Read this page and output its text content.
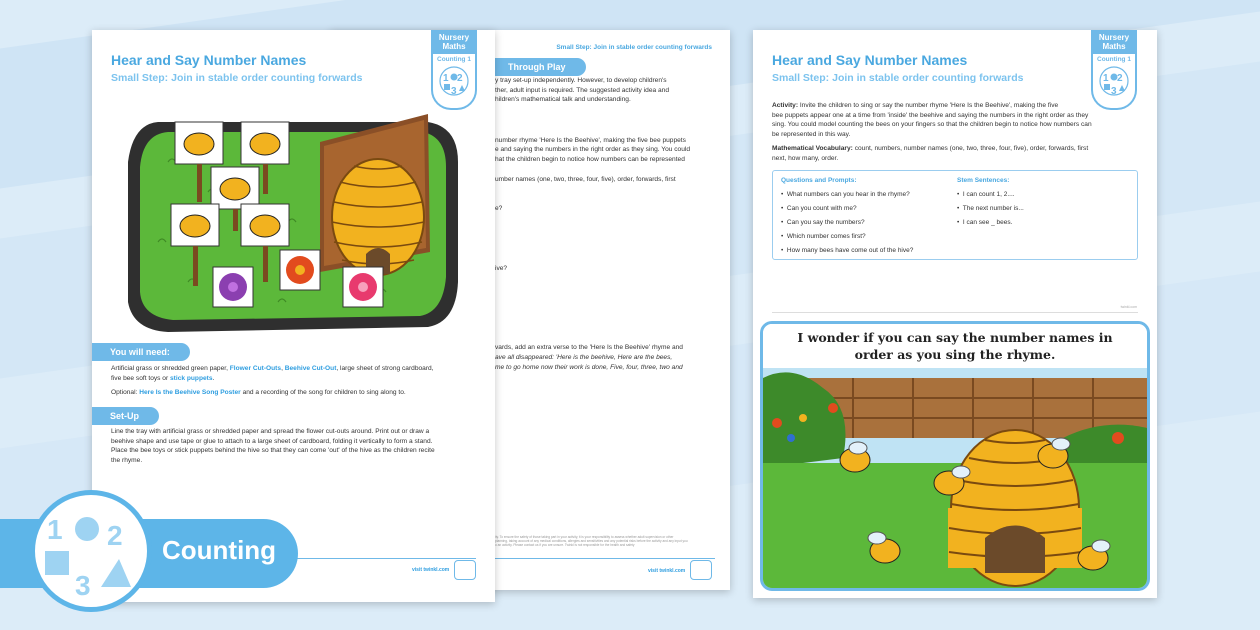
Small Step: Join in stable order counting forwards
Through Play
y tray set-up independently. However, to develop children's
ther, adult input is required. The suggested activity idea and
hildren's mathematical talk and understanding.
number rhyme 'Here Is the Beehive', making the five bee puppets
e and saying the numbers in the right order as they sing. You could
hat the children begin to notice how numbers can be represented
umber names (one, two, three, four, five), order, forwards, first
e?
ive?
vards, add an extra verse to the 'Here Is the Beehive' rhyme and
ave all disappeared: 'Here is the beehive, Here are the bees,
me to go home now their work is done, Five, four, three, two and
ity. To ensure the safety of those taking part in your activity, it is your responsibility to assess whether adult supervision or other
planning, taking account of any medical conditions, allergies and sensitivities and any potential risks before the activity and any input you
o an activity. Please contact us if you are unsure. Twinkl is not responsible for the health and safety
visit twinkl.com
Hear and Say Number Names
Small Step: Join in stable order counting forwards
Nursery
Maths
Counting 1
1 2
3
You will need:
Artificial grass or shredded green paper, Flower Cut-Outs, Beehive Cut-Out, large sheet of strong cardboard,
five bee soft toys or stick puppets.
Optional: Here Is the Beehive Song Poster and a recording of the song for children to sing along to.
Set-Up
Line the tray with artificial grass or shredded paper and spread the flower cut-outs around. Print out or draw a
beehive shape and use tape or glue to attach to a large sheet of cardboard, folding it vertically to form a stand.
Place the bee toys or stick puppets behind the hive so that they can come 'out' of the hive as the children recite
the rhyme.
visit twinkl.com
Hear and Say Number Names
Small Step: Join in stable order counting forwards
Nursery
Maths
Counting 1
1 2
3
Activity: Invite the children to sing or say the number rhyme 'Here Is the Beehive', making the five
bee puppets appear one at a time from 'inside' the beehive and saying the numbers in the right order as they
sing. You could model counting the bees on your fingers so that the children begin to notice how numbers can
be represented in this way.
Mathematical Vocabulary: count, numbers, number names (one, two, three, four, five), order, forwards, first
next, how many, order.
Questions and Prompts:	Stem Sentences:
•  What numbers can you hear in the rhyme?
•  Can you count with me?
•  Can you say the numbers?
•  Which number comes first?
•  How many bees have come out of the hive?
•  I can count 1, 2....
•  The next number is...
•  I can see _ bees.
twinkl.com
I wonder if you can say the number names in
order as you sing the rhyme.
Counting
1 2
3
